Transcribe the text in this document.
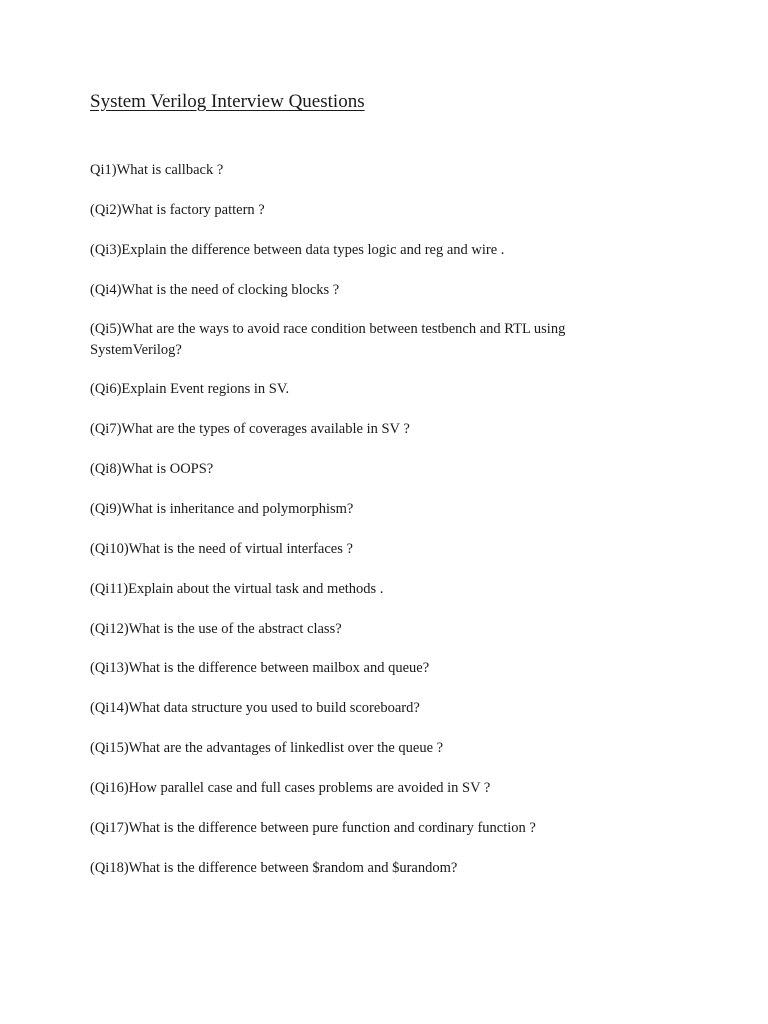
System Verilog Interview Questions

Qi1)What is callback ?

(Qi2)What is factory pattern ?

(Qi3)Explain the difference between data types logic and reg and wire .

(Qi4)What is the need of clocking blocks ?

(Qi5)What are the ways to avoid race condition between testbench and RTL using SystemVerilog?

(Qi6)Explain Event regions in SV.

(Qi7)What are the types of coverages available in SV ?

(Qi8)What is OOPS?

(Qi9)What is inheritance and polymorphism?

(Qi10)What is the need of virtual interfaces ?

(Qi11)Explain about the virtual task and methods .

(Qi12)What is the use of the abstract class?

(Qi13)What is the difference between mailbox and queue?

(Qi14)What data structure you used to build scoreboard?

(Qi15)What are the advantages of linkedlist over the queue ?

(Qi16)How parallel case and full cases problems are avoided in SV ?

(Qi17)What is the difference between pure function and cordinary function ?

(Qi18)What is the difference between $random and $urandom?
